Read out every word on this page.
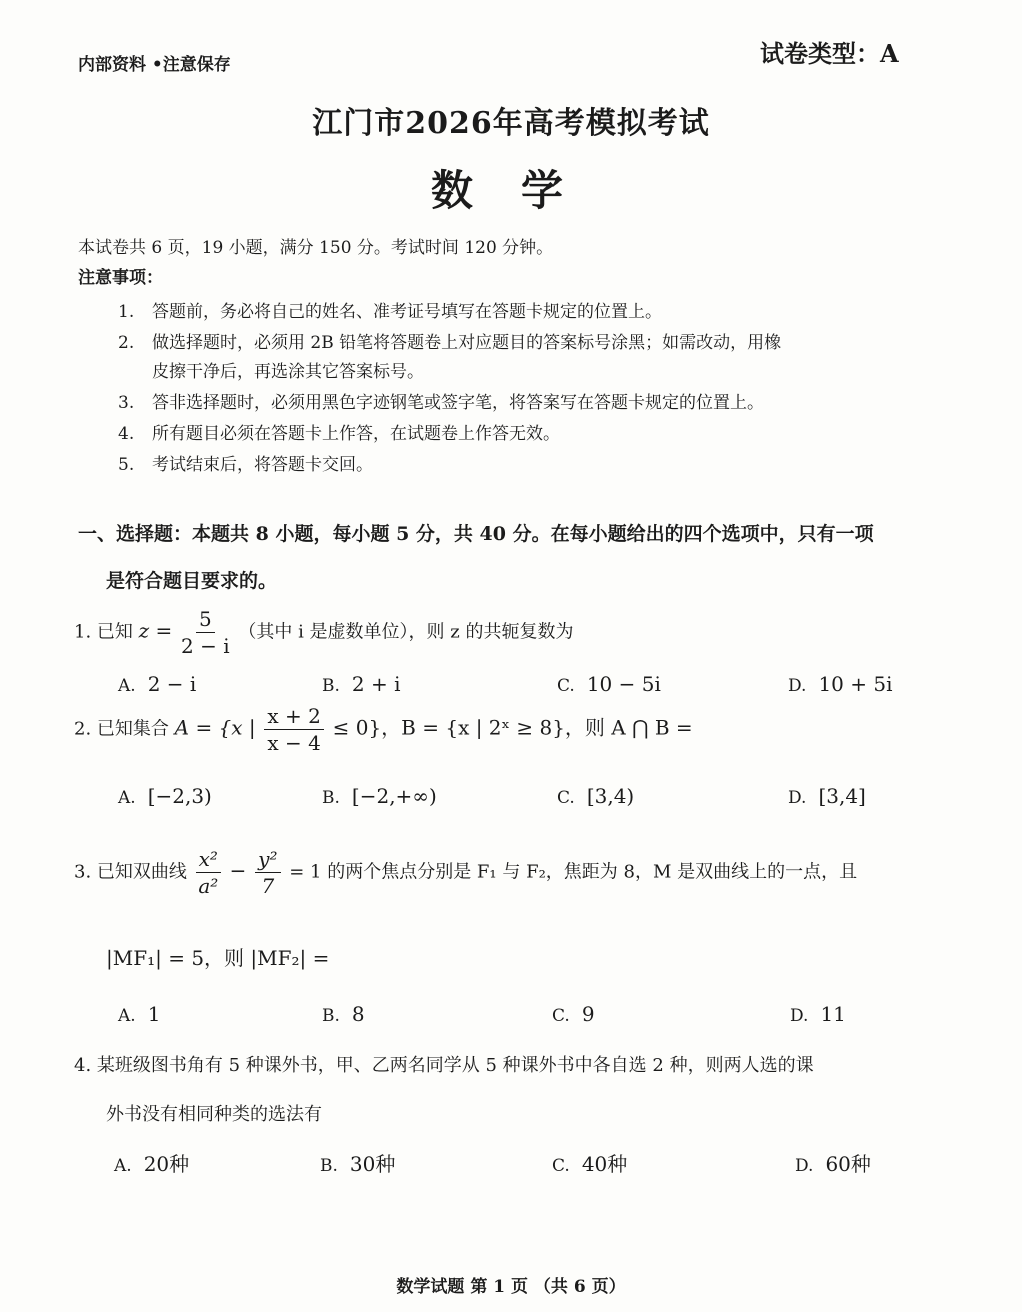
内部资料 •注意保存	试卷类型：A
江门市2026年高考模拟考试
数学
本试卷共 6 页，19 小题，满分 150 分。考试时间 120 分钟。
注意事项：
1. 答题前，务必将自己的姓名、准考证号填写在答题卡规定的位置上。
2. 做选择题时，必须用 2B 铅笔将答题卷上对应题目的答案标号涂黑；如需改动，用橡
皮擦干净后，再选涂其它答案标号。
3. 答非选择题时，必须用黑色字迹钢笔或签字笔，将答案写在答题卡规定的位置上。
4. 所有题目必须在答题卡上作答，在试题卷上作答无效。
5. 考试结束后，将答题卡交回。
一、选择题：本题共 8 小题，每小题 5 分，共 40 分。在每小题给出的四个选项中，只有一项
是符合题目要求的。
1. 已知 $z = \frac{5}{2 - i}$ （其中 i 是虚数单位），则 z 的共轭复数为
A. 2 − i	B. 2 + i	C. 10 − 5i	D. 10 + 5i
2. 已知集合 A = {x | $\frac{x + 2}{x - 4} \le 0$}，B = {x | 2ˣ ≥ 8}，则 A ⋂ B =
A. [−2,3)	B. [−2,+∞)	C. [3,4)	D. [3,4]
3. 已知双曲线 $\frac{\text{x²}}{\text{a²}} - \frac{\text{y²}}{7} = 1$ 的两个焦点分别是 F₁ 与 F₂，焦距为 8，M 是双曲线上的一点，且
|MF₁| = 5，则 |MF₂| =
A. 1	B. 8	C. 9	D. 11
4. 某班级图书角有 5 种课外书，甲、乙两名同学从 5 种课外书中各自选 2 种，则两人选的课
外书没有相同种类的选法有
A. 20种	B. 30种	C. 40种	D. 60种
数学试题 第 1 页 （共 6 页）
